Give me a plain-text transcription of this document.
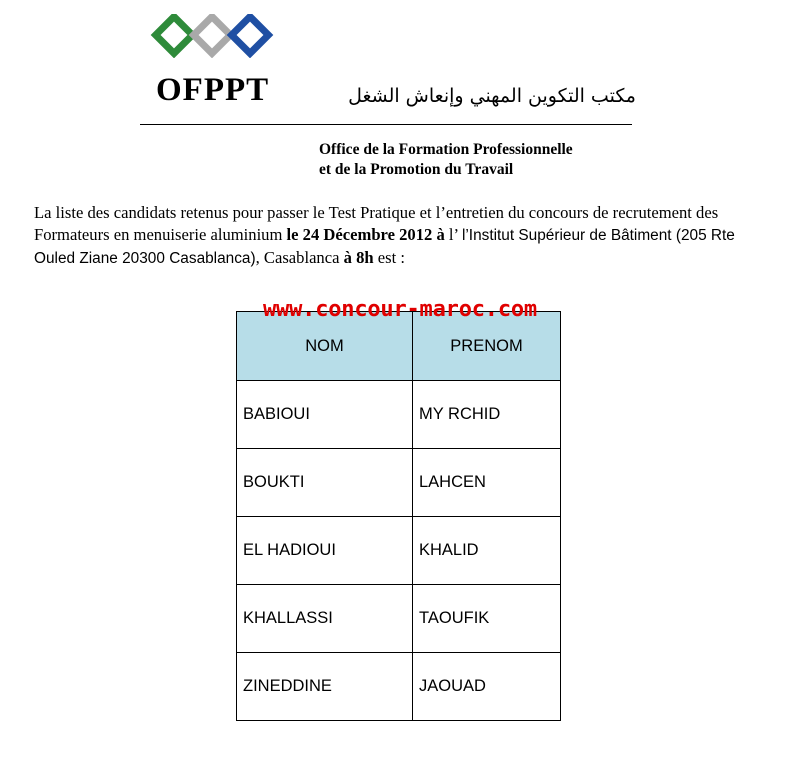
OFPPT	مكتب التكوين المهني وإنعاش الشغل
Office de la Formation Professionnelle
et de la Promotion du Travail
La liste des candidats retenus pour passer le Test Pratique et l’entretien du concours de recrutement des Formateurs en menuiserie aluminium le 24 Décembre 2012 à l’ l’Institut Supérieur de Bâtiment (205 Rte Ouled Ziane 20300 Casablanca), Casablanca à 8h est :
NOM	PRENOM
BABIOUI	MY RCHID
BOUKTI	LAHCEN
EL HADIOUI	KHALID
KHALLASSI	TAOUFIK
ZINEDDINE	JAOUAD
www.concour-maroc.com
